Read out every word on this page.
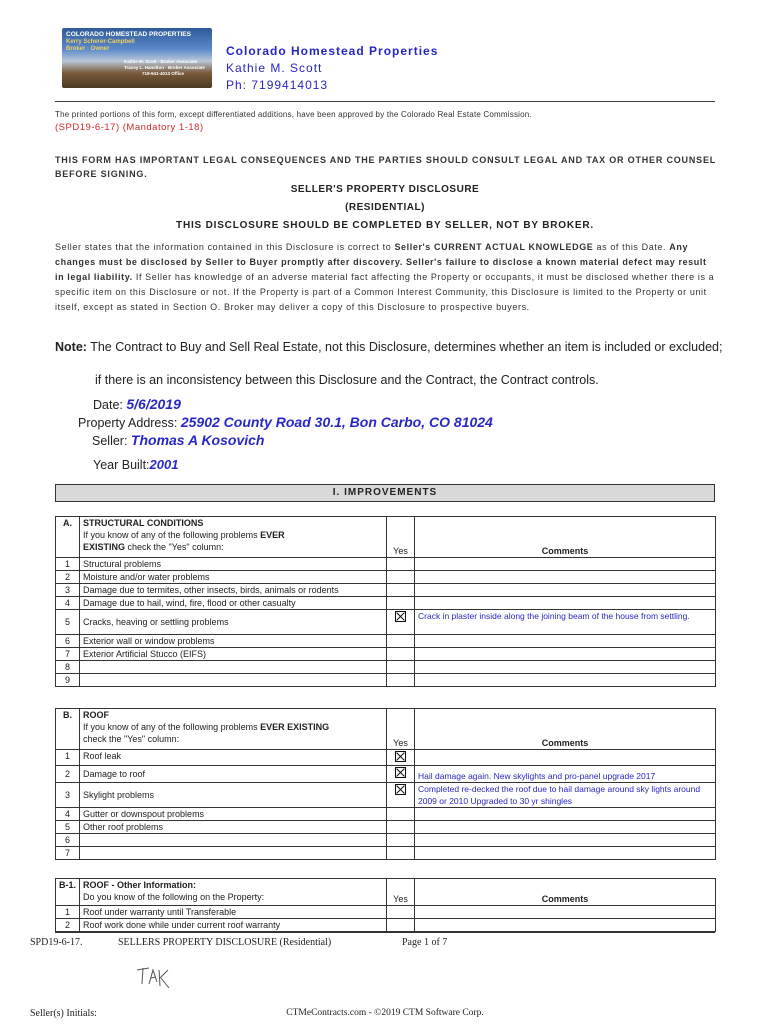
COLORADO HOMESTEAD PROPERTIES
Kerry Scherer-Campbell
Broker · Owner
Kathie M. Scott · Broker Associate
Tracey L. Hamilton · Broker Associate
719-941-4013 Office
Colorado Homestead Properties
Kathie M. Scott
Ph: 7199414013
The printed portions of this form, except differentiated additions, have been approved by the Colorado Real Estate Commission.
(SPD19-6-17) (Mandatory 1-18)
THIS FORM HAS IMPORTANT LEGAL CONSEQUENCES AND THE PARTIES SHOULD CONSULT LEGAL AND TAX OR OTHER COUNSEL BEFORE SIGNING.
SELLER'S PROPERTY DISCLOSURE
(RESIDENTIAL)
THIS DISCLOSURE SHOULD BE COMPLETED BY SELLER, NOT BY BROKER.
Seller states that the information contained in this Disclosure is correct to Seller's CURRENT ACTUAL KNOWLEDGE as of this Date. Any changes must be disclosed by Seller to Buyer promptly after discovery. Seller's failure to disclose a known material defect may result in legal liability. If Seller has knowledge of an adverse material fact affecting the Property or occupants, it must be disclosed whether there is a specific item on this Disclosure or not. If the Property is part of a Common Interest Community, this Disclosure is limited to the Property or unit itself, except as stated in Section O. Broker may deliver a copy of this Disclosure to prospective buyers.
Note: The Contract to Buy and Sell Real Estate, not this Disclosure, determines whether an item is included or excluded;
if there is an inconsistency between this Disclosure and the Contract, the Contract controls.
Date: 5/6/2019
Property Address: 25902 County Road 30.1, Bon Carbo, CO 81024
Seller: Thomas A Kosovich
Year Built:2001
I. IMPROVEMENTS
A.	STRUCTURAL CONDITIONS
If you know of any of the following problems EVER
EXISTING check the "Yes" column:	Yes	Comments
1	Structural problems		
2	Moisture and/or water problems		
3	Damage due to termites, other insects, birds, animals or rodents		
4	Damage due to hail, wind, fire, flood or other casualty		
5	Cracks, heaving or settling problems		Crack in plaster inside along the joining beam of the house from settling.
6	Exterior wall or window problems		
7	Exterior Artificial Stucco (EIFS)		
8			
9			
B.	ROOF
If you know of any of the following problems EVER EXISTING
check the "Yes" column:	Yes	Comments
1	Roof leak		
2	Damage to roof		Hail damage again. New skylights and pro-panel upgrade 2017
3	Skylight problems		Completed re-decked the roof due to hail damage around sky lights around 2009 or 2010 Upgraded to 30 yr shingles
4	Gutter or downspout problems		
5	Other roof problems		
6			
7			
B-1.	ROOF - Other Information:
Do you know of the following on the Property:	Yes	Comments
1	Roof under warranty until Transferable		
2	Roof work done while under current roof warranty		
SPD19-6-17.	SELLERS PROPERTY DISCLOSURE (Residential)	Page 1 of 7
Seller(s) Initials:	CTMeContracts.com - ©2019 CTM Software Corp.
